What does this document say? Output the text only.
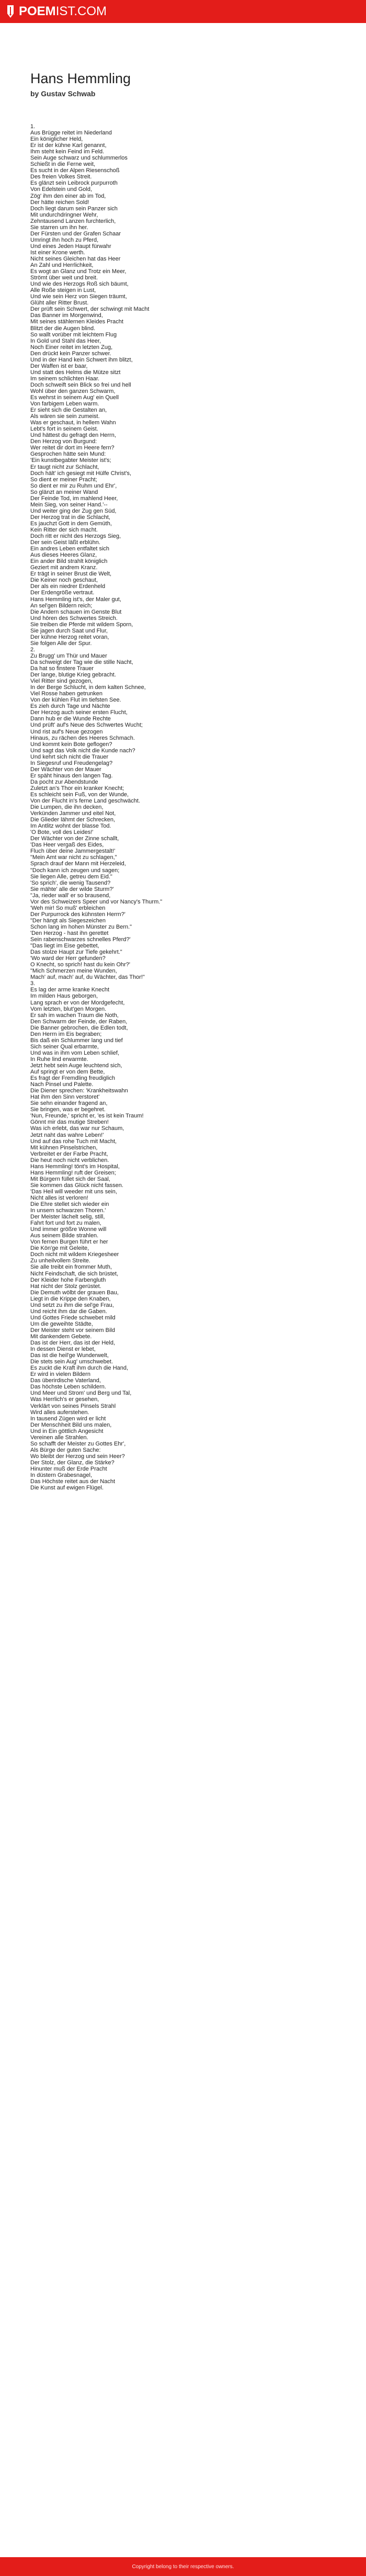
POEMIST.COM
Hans Hemmling
by Gustav Schwab
1.
Aus Brügge reitet im Niederland
Ein königlicher Held,
Er ist der kühne Karl genannt,
Ihm steht kein Feind im Feld.
Sein Auge schwarz und schlummerlos
Schießt in die Ferne weit,
Es sucht in der Alpen Riesenschoß
Des freien Volkes Streit.
Es glänzt sein Leibrock purpurroth
Von Edelstein und Gold,
Zög' ihm den einer ab im Tod,
Der hätte reichen Sold!
Doch liegt darum sein Panzer sich
Mit undurchdringner Wehr,
Zehntausend Lanzen furchterlich,
Sie starren um ihn her.
Der Fürsten und der Grafen Schaar
Umringt ihn hoch zu Pferd,
Und eines Jeden Haupt fürwahr
Ist einer Krone werth.
Nicht seines Gleichen hat das Heer
An Zahl und Herrlichkeit,
Es wogt an Glanz und Trotz ein Meer,
Strömt über weit und breit.
Und wie des Herzogs Roß sich bäumt,
Alle Roße steigen in Lust,
Und wie sein Herz von Siegen träumt,
Glüht aller Ritter Brust.
Der prüft sein Schwert, der schwingt mit Macht
Das Banner im Morgenwind,
Mit seines stählernen Kleides Pracht
Blitzt der die Augen blind.
So wallt vorüber mit leichtem Flug
In Gold und Stahl das Heer,
Noch Einer reitet im letzten Zug,
Den drückt kein Panzer schwer.
Und in der Hand kein Schwert ihm blitzt,
Der Waffen ist er baar,
Und statt des Helms die Mütze sitzt
Im seinem schlichten Haar.
Doch schweift sein Blick so frei und hell
Wohl über den ganzen Schwarm,
Es wehrst in seinem Aug' ein Quell
Von farbigem Leben warm.
Er sieht sich die Gestalten an,
Als wären sie sein zumeist.
Was er geschaut, in hellem Wahn
Lebt's fort in seinem Geist.
Und hättest du gefragt den Herrn,
Den Herzog von Burgund:
Wer reitet dir dort im Heere fern?
Gesprochen hätte sein Mund:
'Ein kunstbegabter Meister ist's;
Er taugt nicht zur Schlacht,
Doch hält' ich gesiegt mit Hülfe Christ's,
So dient er meiner Pracht;
So dient er mir zu Ruhm und Ehr',
So glänzt an meiner Wand
Der Feinde Tod, im mahlend Heer,
Mein Sieg, von seiner Hand.'--
Und weiter ging der Zug gen Süd,
Der Herzog trat in die Schlacht,
Es jauchzt Gott in dem Gemüth,
Kein Ritter der sich macht.
Doch ritt er nicht des Herzogs Sieg,
Der sein Geist läßt erblühn.
Ein andres Leben entfaltet sich
Aus dieses Heeres Glanz,
Ein ander Bild strahlt königlich
Geziert mit andrem Kranz.
Er trägt in seiner Brust die Welt,
Die Keiner noch geschaut,
Der als ein niedrer Erdenheld
Der Erdengröße vertraut.
Hans Hemmling ist's, der Maler gut,
An sel'gen Bildern reich;
Die Andern schauen im Genste Blut
Und hören des Schwertes Streich.
Sie treiben die Pferde mit wildem Sporn,
Sie jagen durch Saat und Flur,
Der kühne Herzog reitet voran,
Sie folgen Alle der Spur.
2.
Zu Brugg' um Thür und Mauer
Da schweigt der Tag wie die stille Nacht,
Da hat so finstere Trauer
Der lange, blutige Krieg gebracht.
Viel Ritter sind gezogen,
In der Berge Schlucht, in dem kalten Schnee,
Viel Rosse haben getrunken
Von der kühlen Flut im tiefsten See.
Es zieh durch Tage und Nächte
Der Herzog auch seiner ersten Flucht,
Dann hub er die Wunde Rechte
Und prüft' auf's Neue des Schwertes Wucht;
Und rist auf's Neue gezogen
Hinaus, zu rächen des Heeres Schmach.
Und kommt kein Bote geflogen?
Und sagt das Volk nicht die Kunde nach?
Und kehrt sich nicht die Trauer
In Siegesruf und Freudengelag?
Der Wächter von der Mauer
Er späht hinaus den langen Tag.
Da pocht zur Abendstunde
Zuletzt an's Thor ein kranker Knecht;
Es schleicht sein Fuß, von der Wunde,
Von der Flucht in's ferne Land geschwächt.
Die Lumpen, die ihn decken,
Verkünden Jammer und eitel Not,
Die Glieder lähmt der Schrecken,
Im Antlitz wohnt der blasse Tod.
'O Bote, voll des Leides!'
Der Wächter von der Zinne schallt,
'Das Heer vergaß des Eides,
Fluch über deine Jammergestalt!'
"Mein Amt war nicht zu schlagen,"
Sprach drauf der Mann mit Herzeleid,
"Doch kann ich zeugen und sagen;
Sie liegen Alle, getreu dem Eid."
'So sprich', die wenig Tausend?
Sie mähte' alle der wilde Sturm?'
"Ja, rieder wall' er so brausend,
Vor des Schweizers Speer und vor Nancy's Thurm."
'Weh mir! So muß' erbleichen
Der Purpurrock des kühnsten Herrn?'
"Der hängt als Siegeszeichen
Schon lang im hohen Münster zu Bern."
'Den Herzog - hast ihn gerettet
Sein rabenschwarzes schnelles Pferd?'
"Das liegt im Eise gebettet,
Das stolze Haupt zur Tiefe gekehrt."
'Wo ward der Herr gefunden?
O Knecht, so sprich! hast du kein Ohr?'
"Mich Schmerzen meine Wunden,
Mach' auf, mach' auf, du Wächter, das Thor!"
3.
Es lag der arme kranke Knecht
Im milden Haus geborgen,
Lang sprach er von der Mordgefecht,
Vom letzten, blut'gen Morgen.
Er sah im wachen Traum die Noth,
Den Schwarm der Feinde, der Raben,
Die Banner gebrochen, die Edlen todt,
Den Herrn im Eis begraben;
Bis daß ein Schlummer lang und tief
Sich seiner Qual erbarmte,
Und was in ihm vom Leben schlief,
In Ruhe lind erwarmte.
Jetzt hebt sein Auge leuchtend sich,
Auf springt er von dem Bette,
Es fragt der Fremdling freudiglich
Nach Pinsel und Palette.
Die Diener sprechen: 'Krankheitswahn
Hat ihm den Sinn verstoret'
Sie sehn einander fragend an,
Sie bringen, was er begehret.
'Nun, Freunde,' spricht er, 'es ist kein Traum!
Gönnt mir das mutige Streben!
Was ich erlebt, das war nur Schaum,
Jetzt naht das wahre Leben!'
Und auf das rohe Tuch mit Macht,
Mit kühnen Pinselstrichen,
Verbreitet er der Farbe Pracht,
Die heut noch nicht verblichen.
Hans Hemmling! tönt's im Hospital,
Hans Hemmling! ruft der Greisen;
Mit Bürgern füllet sich der Saal,
Sie kommen das Glück nicht fassen.
'Das Heil will weeder mit uns sein,
Nicht alles ist verloren!
Die Ehre stellet sich wieder ein
In unsern schwarzen Thoren.'
Der Meister lächelt selig, still,
Fahrt fort und fort zu malen,
Und immer größre Wonne will
Aus seinem Bilde strahlen.
Von fernen Burgen führt er her
Die Kön'ge mit Geleite,
Doch nicht mit wildem Kriegesheer
Zu unheilvollem Streite.
Sie alle treibt ein frommer Muth,
Nicht Feindschaft, die sich brüstet,
Der Kleider hohe Farbengluth
Hat nicht der Stolz gerüstet.
Die Demuth wölbt der grauen Bau,
Liegt in die Krippe den Knaben,
Und setzt zu ihm die sel'ge Frau,
Und reicht ihm dar die Gaben.
Und Gottes Friede schwebet mild
Um die geweihte Städte,
Der Meister steht vor seinem Bild
Mit dankendem Gebete.
Das ist der Herr, das ist der Held,
In dessen Dienst er lebet,
Das ist die heil'ge Wunderwelt,
Die stets sein Aug' umschwebet.
Es zuckt die Kraft ihm durch die Hand,
Er wird in vielen Bildern
Das überirdische Vaterland,
Das höchste Leben schildern.
Und Meer und Strom' und Berg und Tal,
Was Herrlich's er gesehen,
Verklärt von seines Pinsels Strahl
Wird alles auferstehen.
In tausend Zügen wird er licht
Der Menschheit Bild uns malen,
Und in Ein göttlich Angesicht
Vereinen alle Strahlen.
So schafft der Meister zu Gottes Ehr',
Als Bürge der guten Sache:
Wo bleibt der Herzog und sein Heer?
Der Stolz, der Glanz, die Stärke?
Hinunter muß der Erde Pracht
In düstern Grabesnagel,
Das Höchste reitet aus der Nacht
Die Kunst auf ewigen Flügel.
Copyright belong to their respective owners.
